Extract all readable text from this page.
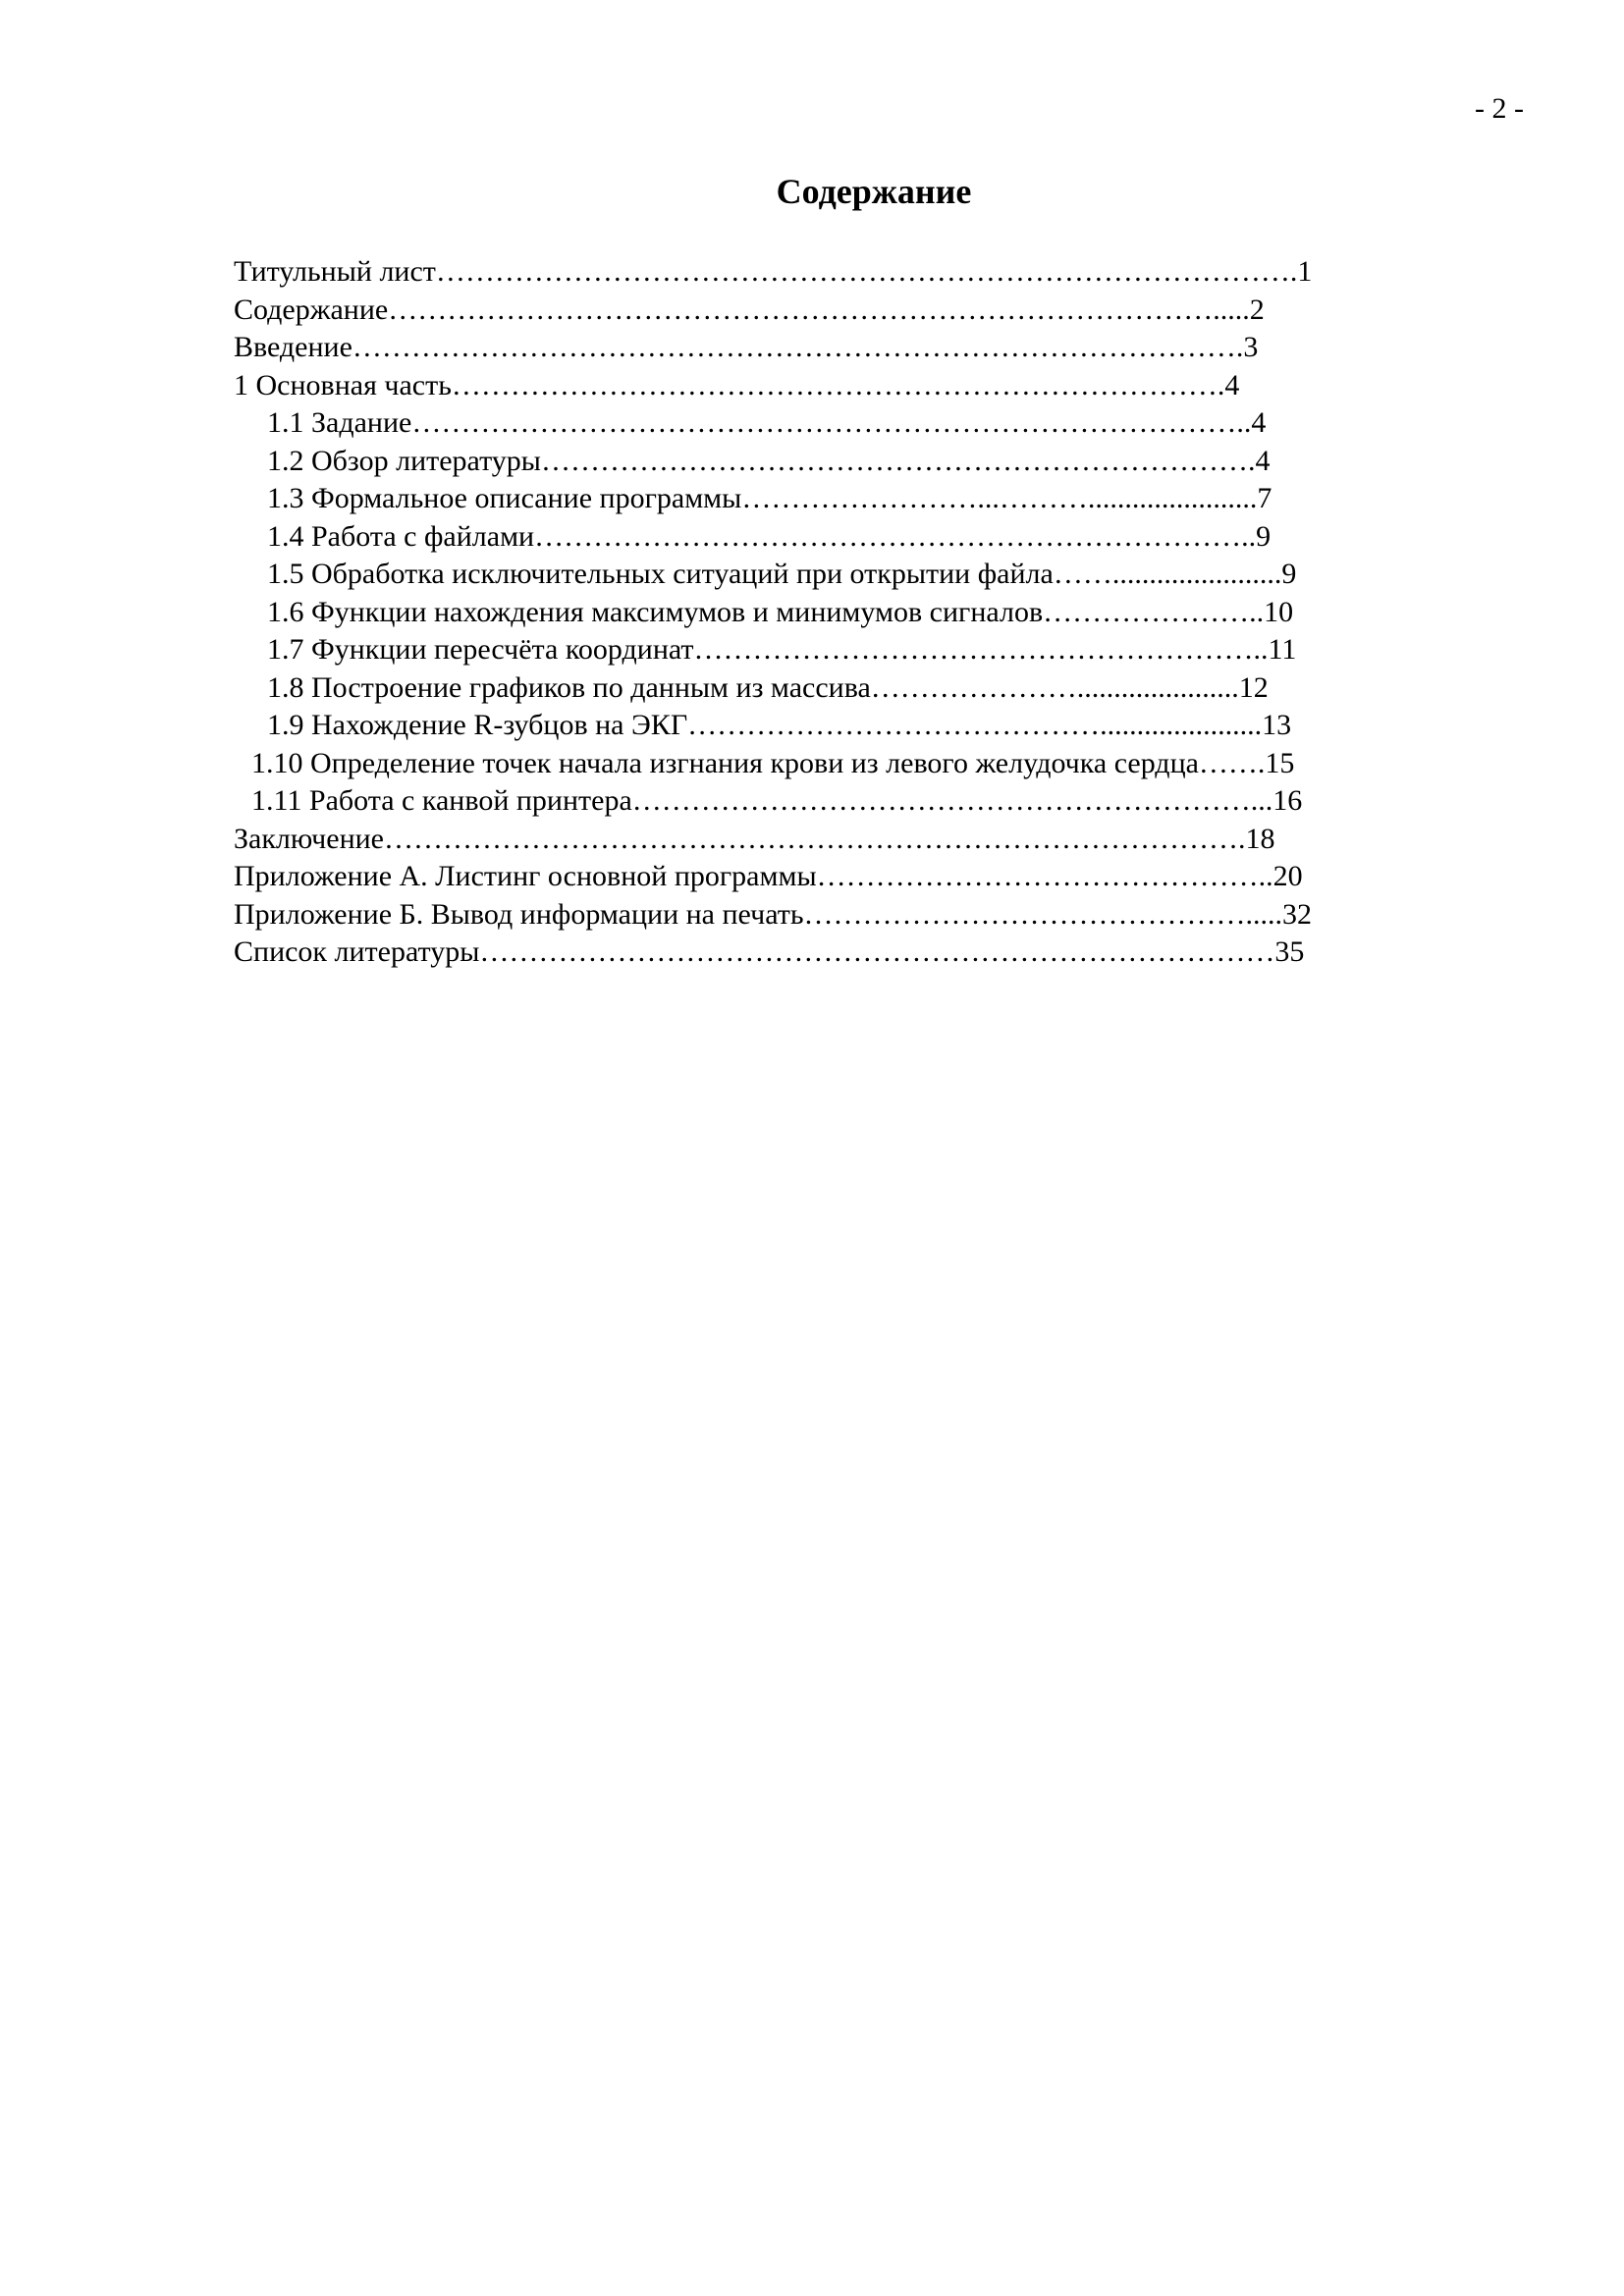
- 2 -
Содержание
Титульный лист…………………………………………………………………………….1
Содержание………………………………………………………………………….....2
Введение……………………………………………………………………………….3
1 Основная часть…………………………………………………………………….4
1.1 Задание…………………………………………………………………………..4
1.2 Обзор литературы……………………………………………………………….4
1.3 Формальное описание программы……………………...……….......................7
1.4 Работа с файлами………………………………………………………………..9
1.5 Обработка исключительных ситуаций при открытии файла…….......................9
1.6 Функции нахождения максимумов и минимумов сигналов…………………..10
1.7 Функции пересчёта координат…………………………………………………..11
1.8 Построение графиков по данным из массива…………………......................12
1.9 Нахождение R-зубцов на ЭКГ……………………………………......................13
1.10 Определение точек начала изгнания крови из левого желудочка сердца…….15
1.11 Работа с канвой принтера………………………………………………………...16
Заключение…………………………………………………………………………….18
Приложение А. Листинг основной программы………………………………………..20
Приложение Б. Вывод информации на печать……………………………………….....32
Список литературы………………………………………………………………………35
